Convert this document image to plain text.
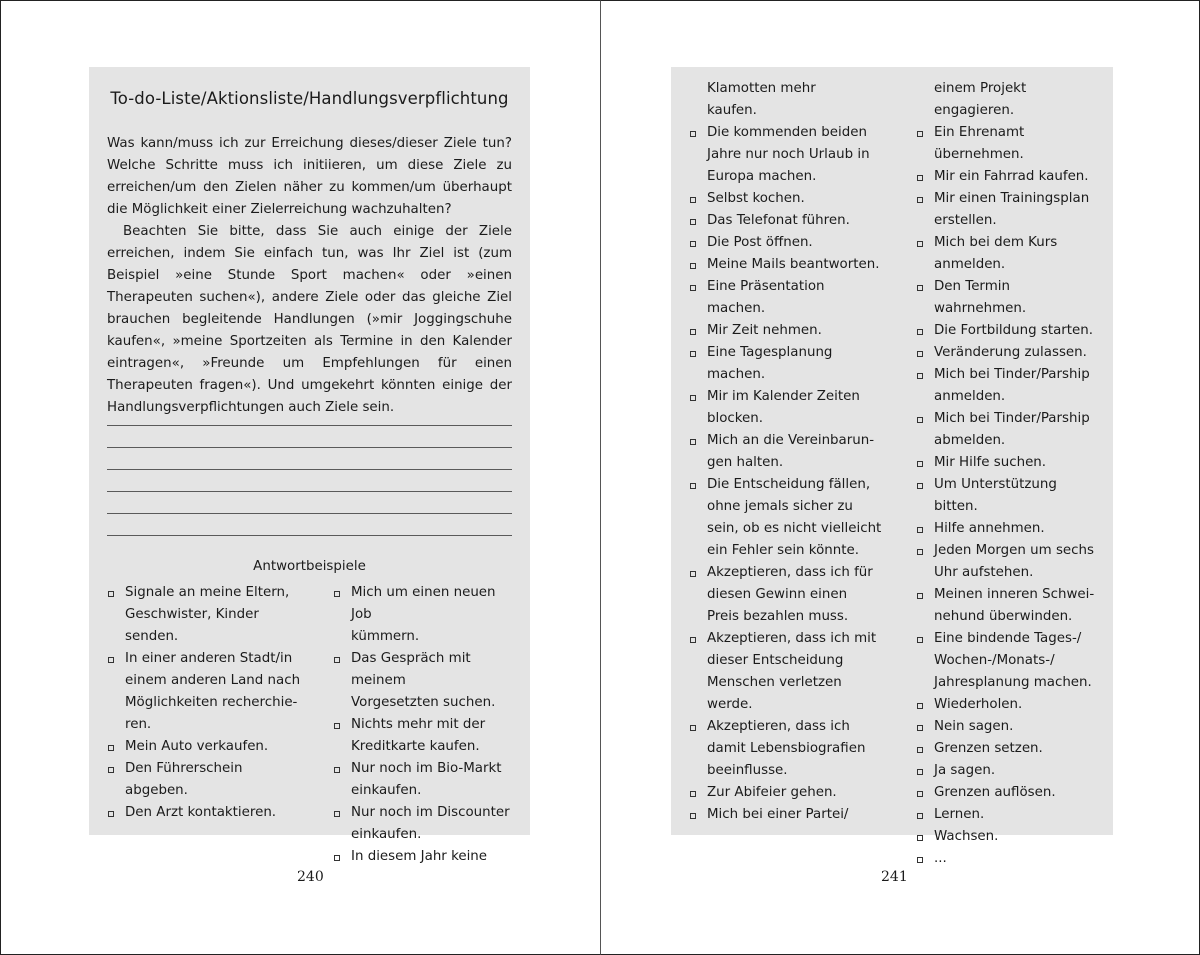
To-do-Liste/Aktionsliste/Handlungsverpflichtung

Was kann/muss ich zur Erreichung dieses/dieser Ziele tun? Welche Schritte muss ich initiieren, um diese Ziele zu erreichen/um den Zielen näher zu kommen/um überhaupt die Möglichkeit einer Zielerreichung wachzuhalten?

Beachten Sie bitte, dass Sie auch einige der Ziele erreichen, indem Sie einfach tun, was Ihr Ziel ist (zum Beispiel »eine Stunde Sport machen« oder »einen Therapeuten suchen«), andere Ziele oder das gleiche Ziel brauchen begleitende Handlungen (»mir Joggingschuhe kaufen«, »meine Sportzeiten als Termine in den Kalender eintragen«, »Freunde um Empfehlungen für einen Therapeuten fragen«). Und umgekehrt könnten einige der Handlungsverpflichtungen auch Ziele sein.

Antwortbeispiele
Signale an meine Eltern,
Geschwister, Kinder
senden.
In einer anderen Stadt/in
einem anderen Land nach
Möglichkeiten recherchie-
ren.
Mein Auto verkaufen.
Den Führerschein
abgeben.
Den Arzt kontaktieren.
Mich um einen neuen Job
kümmern.
Das Gespräch mit meinem
Vorgesetzten suchen.
Nichts mehr mit der
Kreditkarte kaufen.
Nur noch im Bio-Markt
einkaufen.
Nur noch im Discounter
einkaufen.
In diesem Jahr keine
240
Klamotten mehr
kaufen.
Die kommenden beiden
Jahre nur noch Urlaub in
Europa machen.
Selbst kochen.
Das Telefonat führen.
Die Post öffnen.
Meine Mails beantworten.
Eine Präsentation
machen.
Mir Zeit nehmen.
Eine Tagesplanung
machen.
Mir im Kalender Zeiten
blocken.
Mich an die Vereinbarun-
gen halten.
Die Entscheidung fällen,
ohne jemals sicher zu
sein, ob es nicht vielleicht
ein Fehler sein könnte.
Akzeptieren, dass ich für
diesen Gewinn einen
Preis bezahlen muss.
Akzeptieren, dass ich mit
dieser Entscheidung
Menschen verletzen
werde.
Akzeptieren, dass ich
damit Lebensbiografien
beeinflusse.
Zur Abifeier gehen.
Mich bei einer Partei/
einem Projekt
engagieren.
Ein Ehrenamt
übernehmen.
Mir ein Fahrrad kaufen.
Mir einen Trainingsplan
erstellen.
Mich bei dem Kurs
anmelden.
Den Termin wahrnehmen.
Die Fortbildung starten.
Veränderung zulassen.
Mich bei Tinder/Parship
anmelden.
Mich bei Tinder/Parship
abmelden.
Mir Hilfe suchen.
Um Unterstützung bitten.
Hilfe annehmen.
Jeden Morgen um sechs
Uhr aufstehen.
Meinen inneren Schwei-
nehund überwinden.
Eine bindende Tages-/
Wochen-/Monats-/
Jahresplanung machen.
Wiederholen.
Nein sagen.
Grenzen setzen.
Ja sagen.
Grenzen auflösen.
Lernen.
Wachsen.
...
241
